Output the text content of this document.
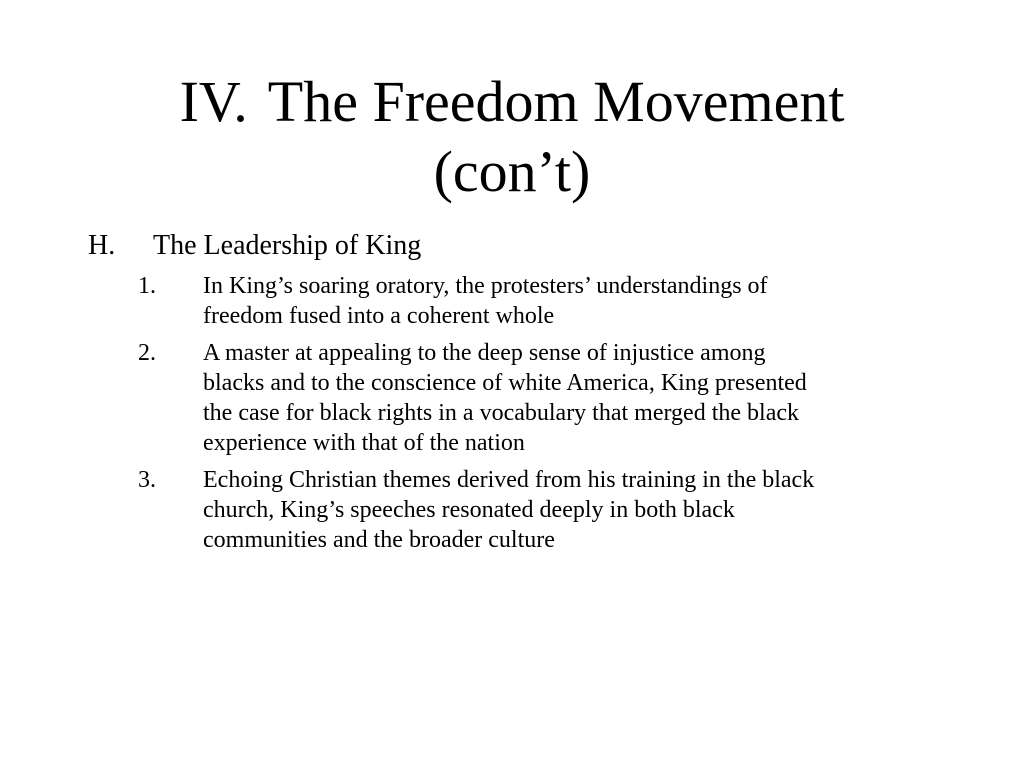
IV. The Freedom Movement
(con’t)
H. The Leadership of King
1. In King’s soaring oratory, the protesters’ understandings of
freedom fused into a coherent whole
2. A master at appealing to the deep sense of injustice among
blacks and to the conscience of white America, King presented
the case for black rights in a vocabulary that merged the black
experience with that of the nation
3. Echoing Christian themes derived from his training in the black
church, King’s speeches resonated deeply in both black
communities and the broader culture
